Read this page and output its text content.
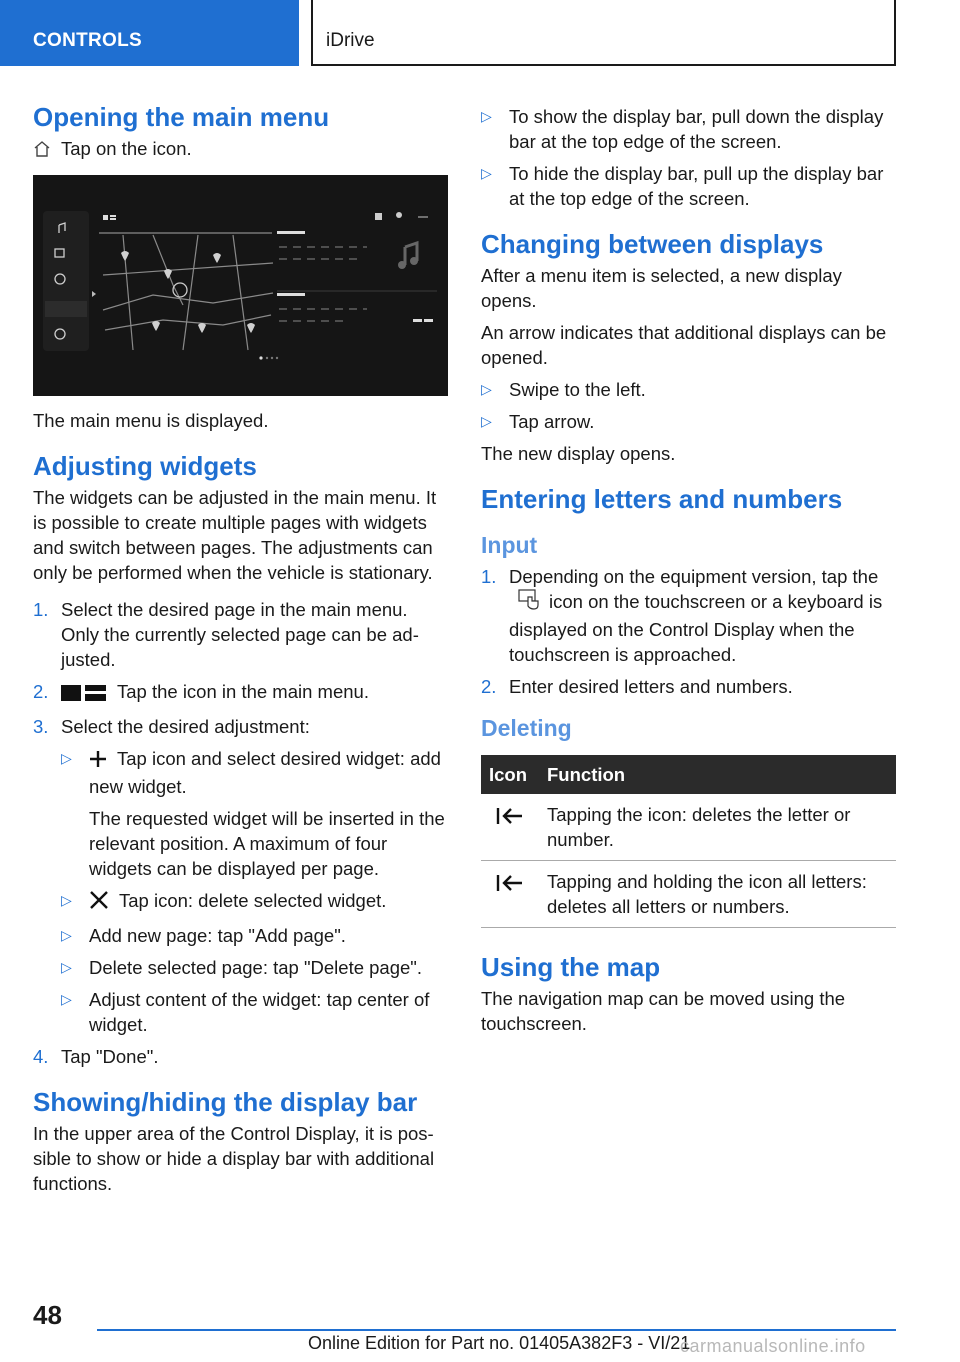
CONTROLS	iDrive
Opening the main menu
Tap on the icon.

The main menu is displayed.

Adjusting widgets

The widgets can be adjusted in the main menu. It is possible to create multiple pages with widgets and switch between pages. The adjustments can only be performed when the vehicle is stationary.

1. Select the desired page in the main menu. Only the currently selected page can be adjusted.
2.	Tap the icon in the main menu.
3. Select the desired adjustment:
▷ Tap icon and select desired widget: add new widget.

The requested widget will be inserted in the relevant position. A maximum of four widgets can be displayed per page.

▷	Tap icon: delete selected widget.
▷ Add new page: tap "Add page".
▷ Delete selected page: tap "Delete page".
▷ Adjust content of the widget: tap center of widget.
4. Tap "Done".
Showing/hiding the display bar

In the upper area of the Control Display, it is possible to show or hide a display bar with additional functions.

▷ To show the display bar, pull down the display bar at the top edge of the screen.
▷ To hide the display bar, pull up the display bar at the top edge of the screen.
Changing between displays

After a menu item is selected, a new display opens.

An arrow indicates that additional displays can be opened.

▷ Swipe to the left.
▷ Tap arrow.

The new display opens.

Entering letters and numbers
Input
1. Depending on the equipment version, tap the icon on the touchscreen or a keyboard is displayed on the Control Display when the touchscreen is approached.
2. Enter desired letters and numbers.
Deleting
Icon	Function
	Tapping the icon: deletes the letter or number.
	Tapping and holding the icon all letters: deletes all letters or numbers.
Using the map

The navigation map can be moved using the touchscreen.

48
Online Edition for Part no. 01405A382F3 - VI/21
carmanualsonline.info
